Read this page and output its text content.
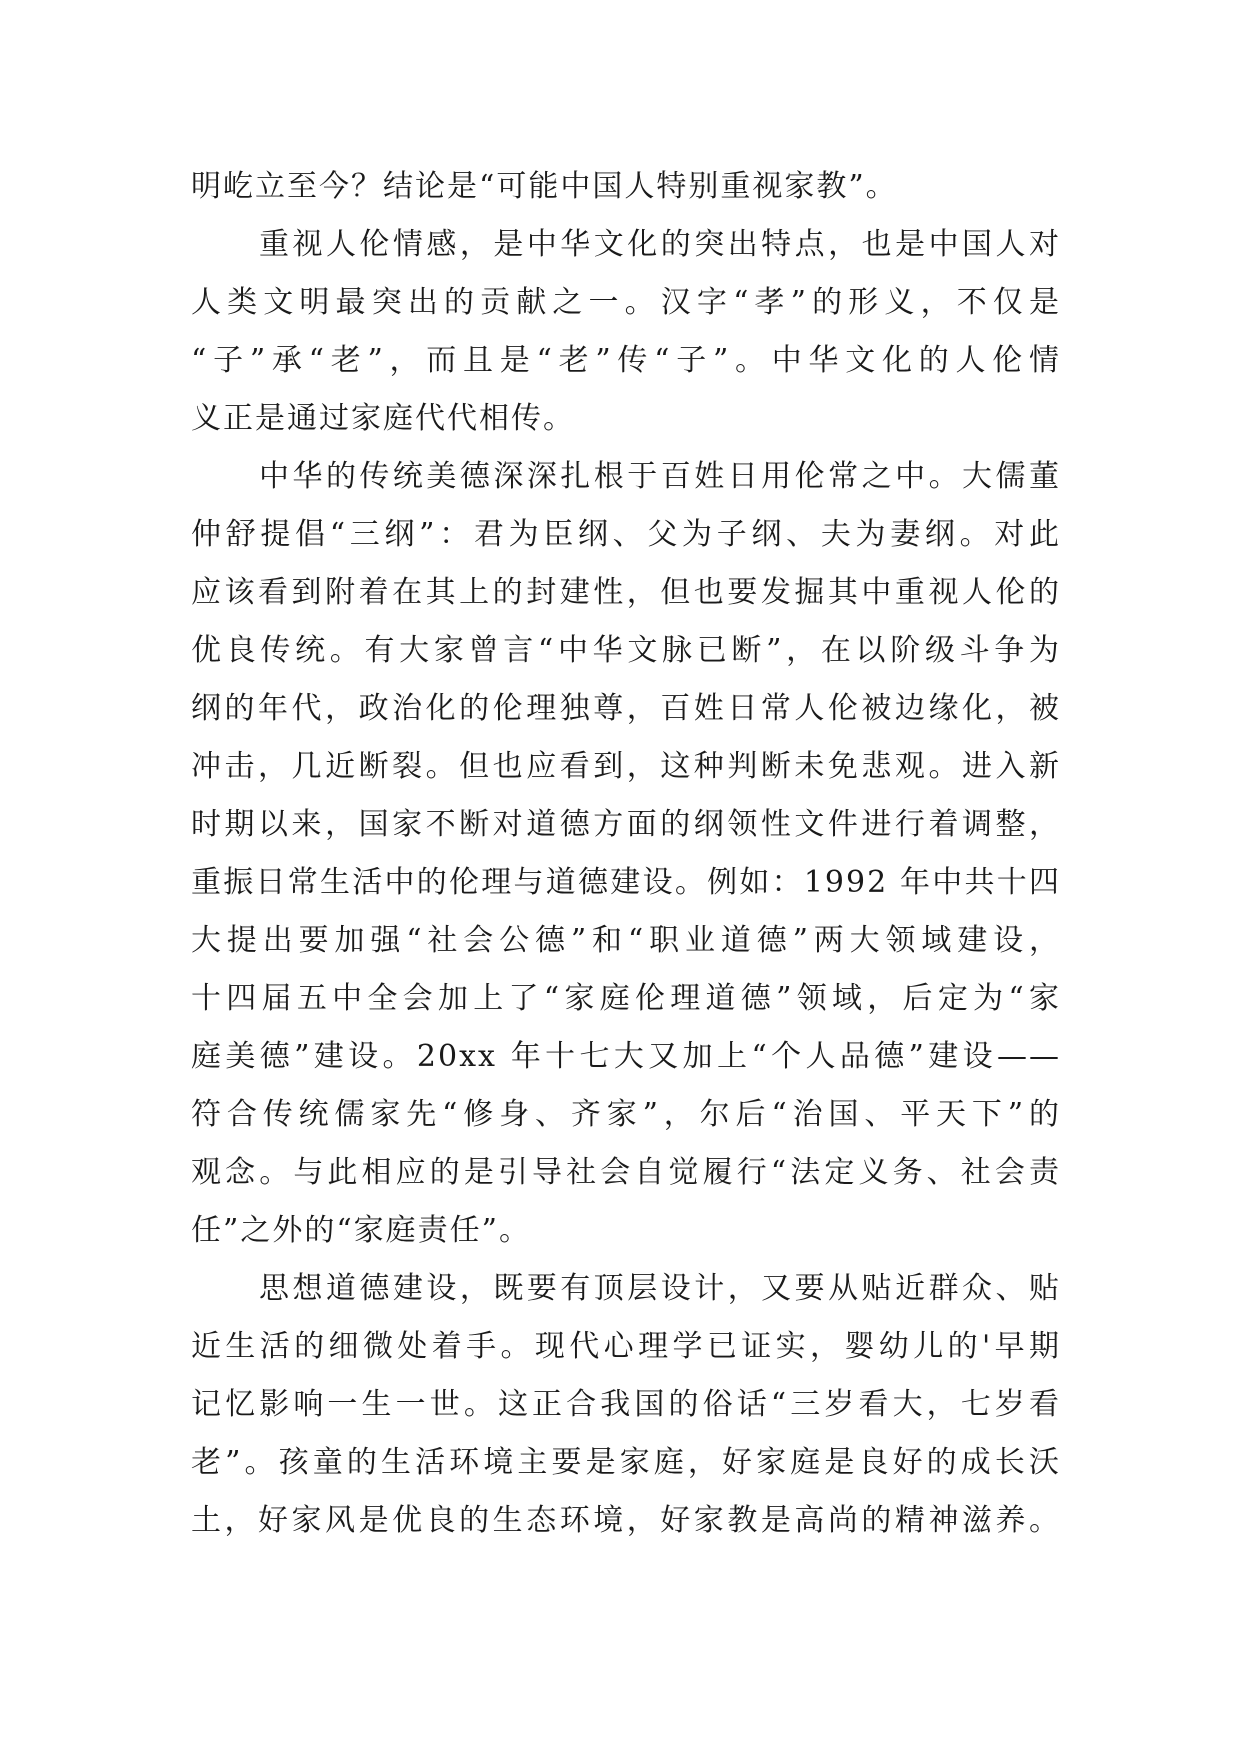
明屹立至今？结论是“可能中国人特别重视家教”。
重视人伦情感，是中华文化的突出特点，也是中国人对
人类文明最突出的贡献之一。汉字“孝”的形义，不仅是
“子”承“老”，而且是“老”传“子”。中华文化的人伦情
义正是通过家庭代代相传。
中华的传统美德深深扎根于百姓日用伦常之中。大儒董
仲舒提倡“三纲”：君为臣纲、父为子纲、夫为妻纲。对此
应该看到附着在其上的封建性，但也要发掘其中重视人伦的
优良传统。有大家曾言“中华文脉已断”，在以阶级斗争为
纲的年代，政治化的伦理独尊，百姓日常人伦被边缘化，被
冲击，几近断裂。但也应看到，这种判断未免悲观。进入新
时期以来，国家不断对道德方面的纲领性文件进行着调整，
重振日常生活中的伦理与道德建设。例如：1992 年中共十四
大提出要加强“社会公德”和“职业道德”两大领域建设，
十四届五中全会加上了“家庭伦理道德”领域，后定为“家
庭美德”建设。20xx 年十七大又加上“个人品德”建设——
符合传统儒家先“修身、齐家”，尔后“治国、平天下”的
观念。与此相应的是引导社会自觉履行“法定义务、社会责
任”之外的“家庭责任”。
思想道德建设，既要有顶层设计，又要从贴近群众、贴
近生活的细微处着手。现代心理学已证实，婴幼儿的'早期
记忆影响一生一世。这正合我国的俗话“三岁看大，七岁看
老”。孩童的生活环境主要是家庭，好家庭是良好的成长沃
土，好家风是优良的生态环境，好家教是高尚的精神滋养。
